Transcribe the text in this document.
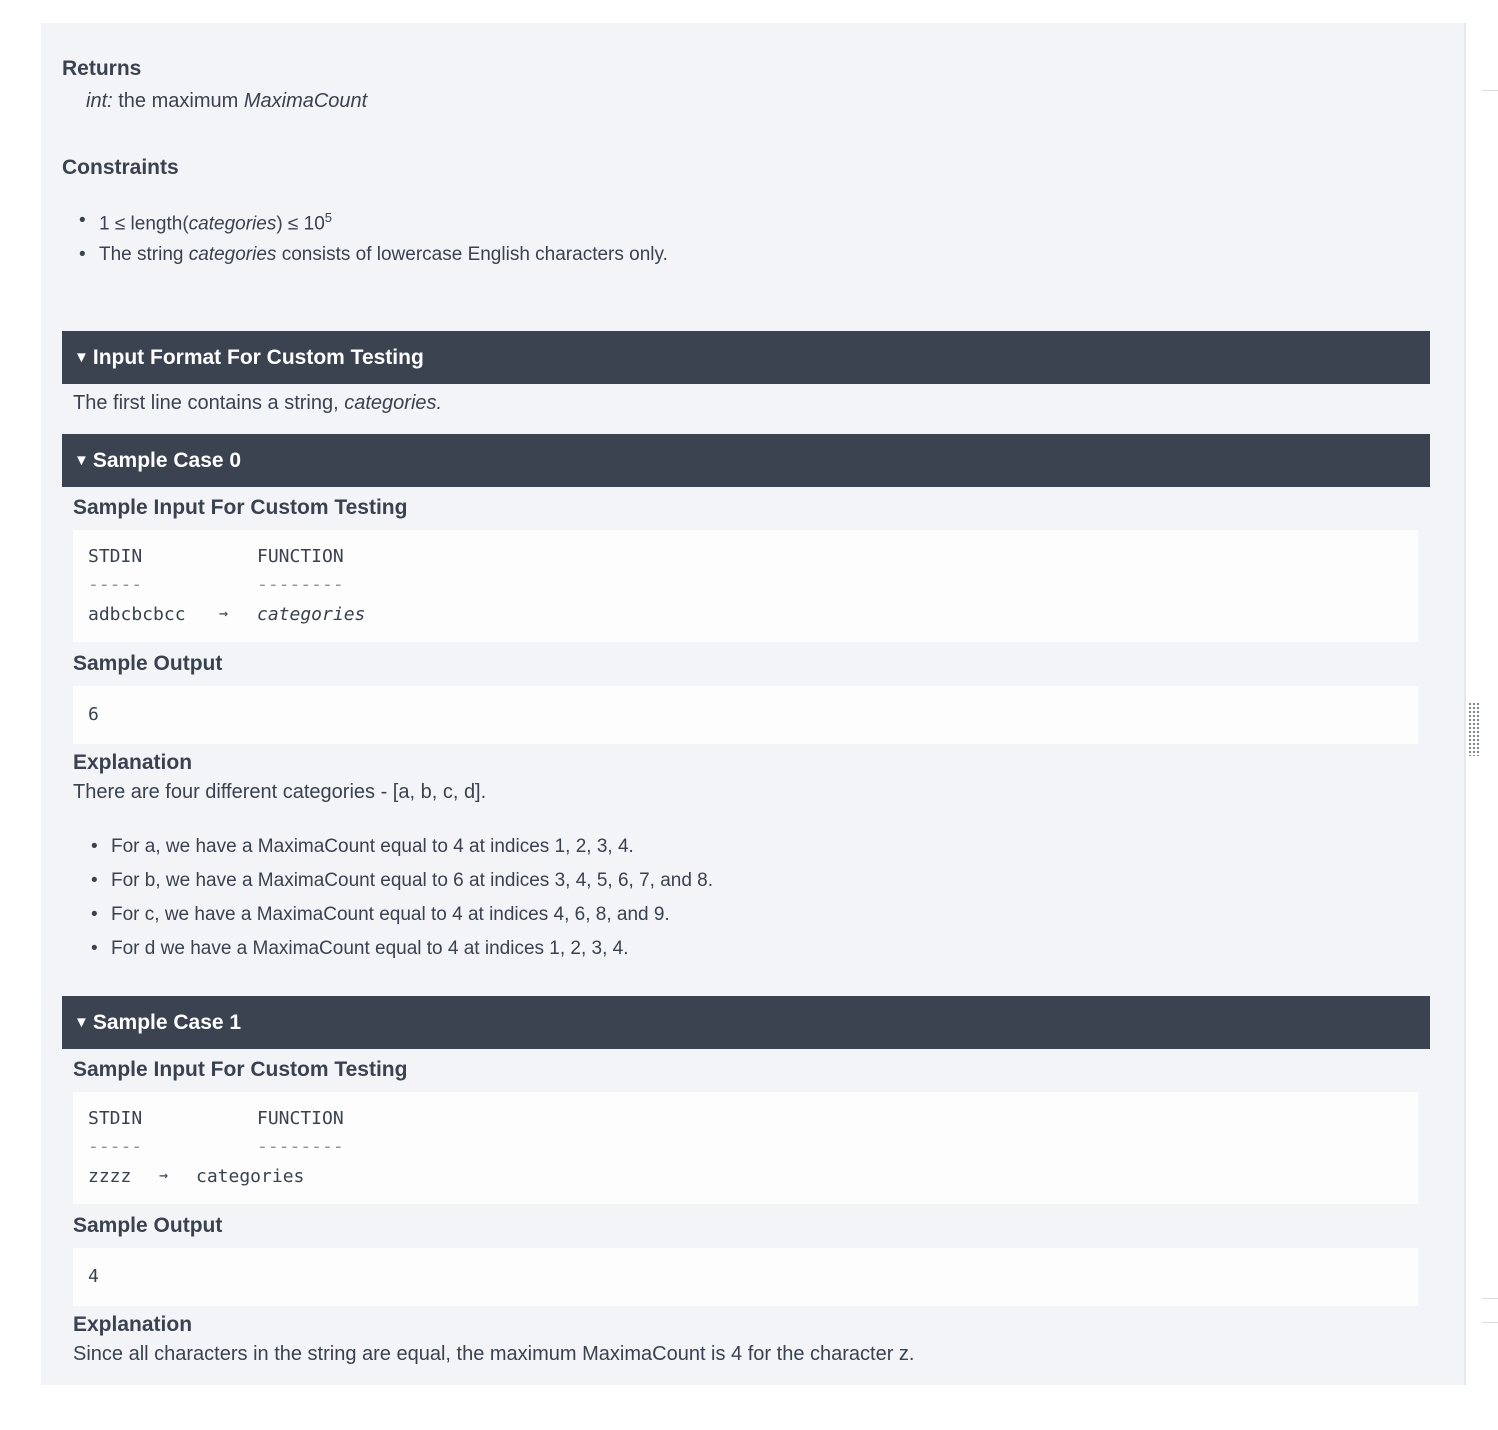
Returns
int: the maximum MaximaCount
Constraints
• 1 ≤ length(categories) ≤ $10^5$
• The string categories consists of lowercase English characters only.
▼ Input Format For Custom Testing
The first line contains a string, categories.
▼ Sample Case 0
Sample Input For Custom Testing
STDIN	FUNCTION
-----	--------
adbcbcbcc → categories
Sample Output
6
Explanation
There are four different categories - [a, b, c, d].
• For a, we have a MaximaCount equal to 4 at indices 1, 2, 3, 4.
• For b, we have a MaximaCount equal to 6 at indices 3, 4, 5, 6, 7, and 8.
• For c, we have a MaximaCount equal to 4 at indices 4, 6, 8, and 9.
• For d we have a MaximaCount equal to 4 at indices 1, 2, 3, 4.
▼ Sample Case 1
Sample Input For Custom Testing
STDIN	FUNCTION
-----	--------
zzzz → categories
Sample Output
4
Explanation
Since all characters in the string are equal, the maximum MaximaCount is 4 for the character z.
